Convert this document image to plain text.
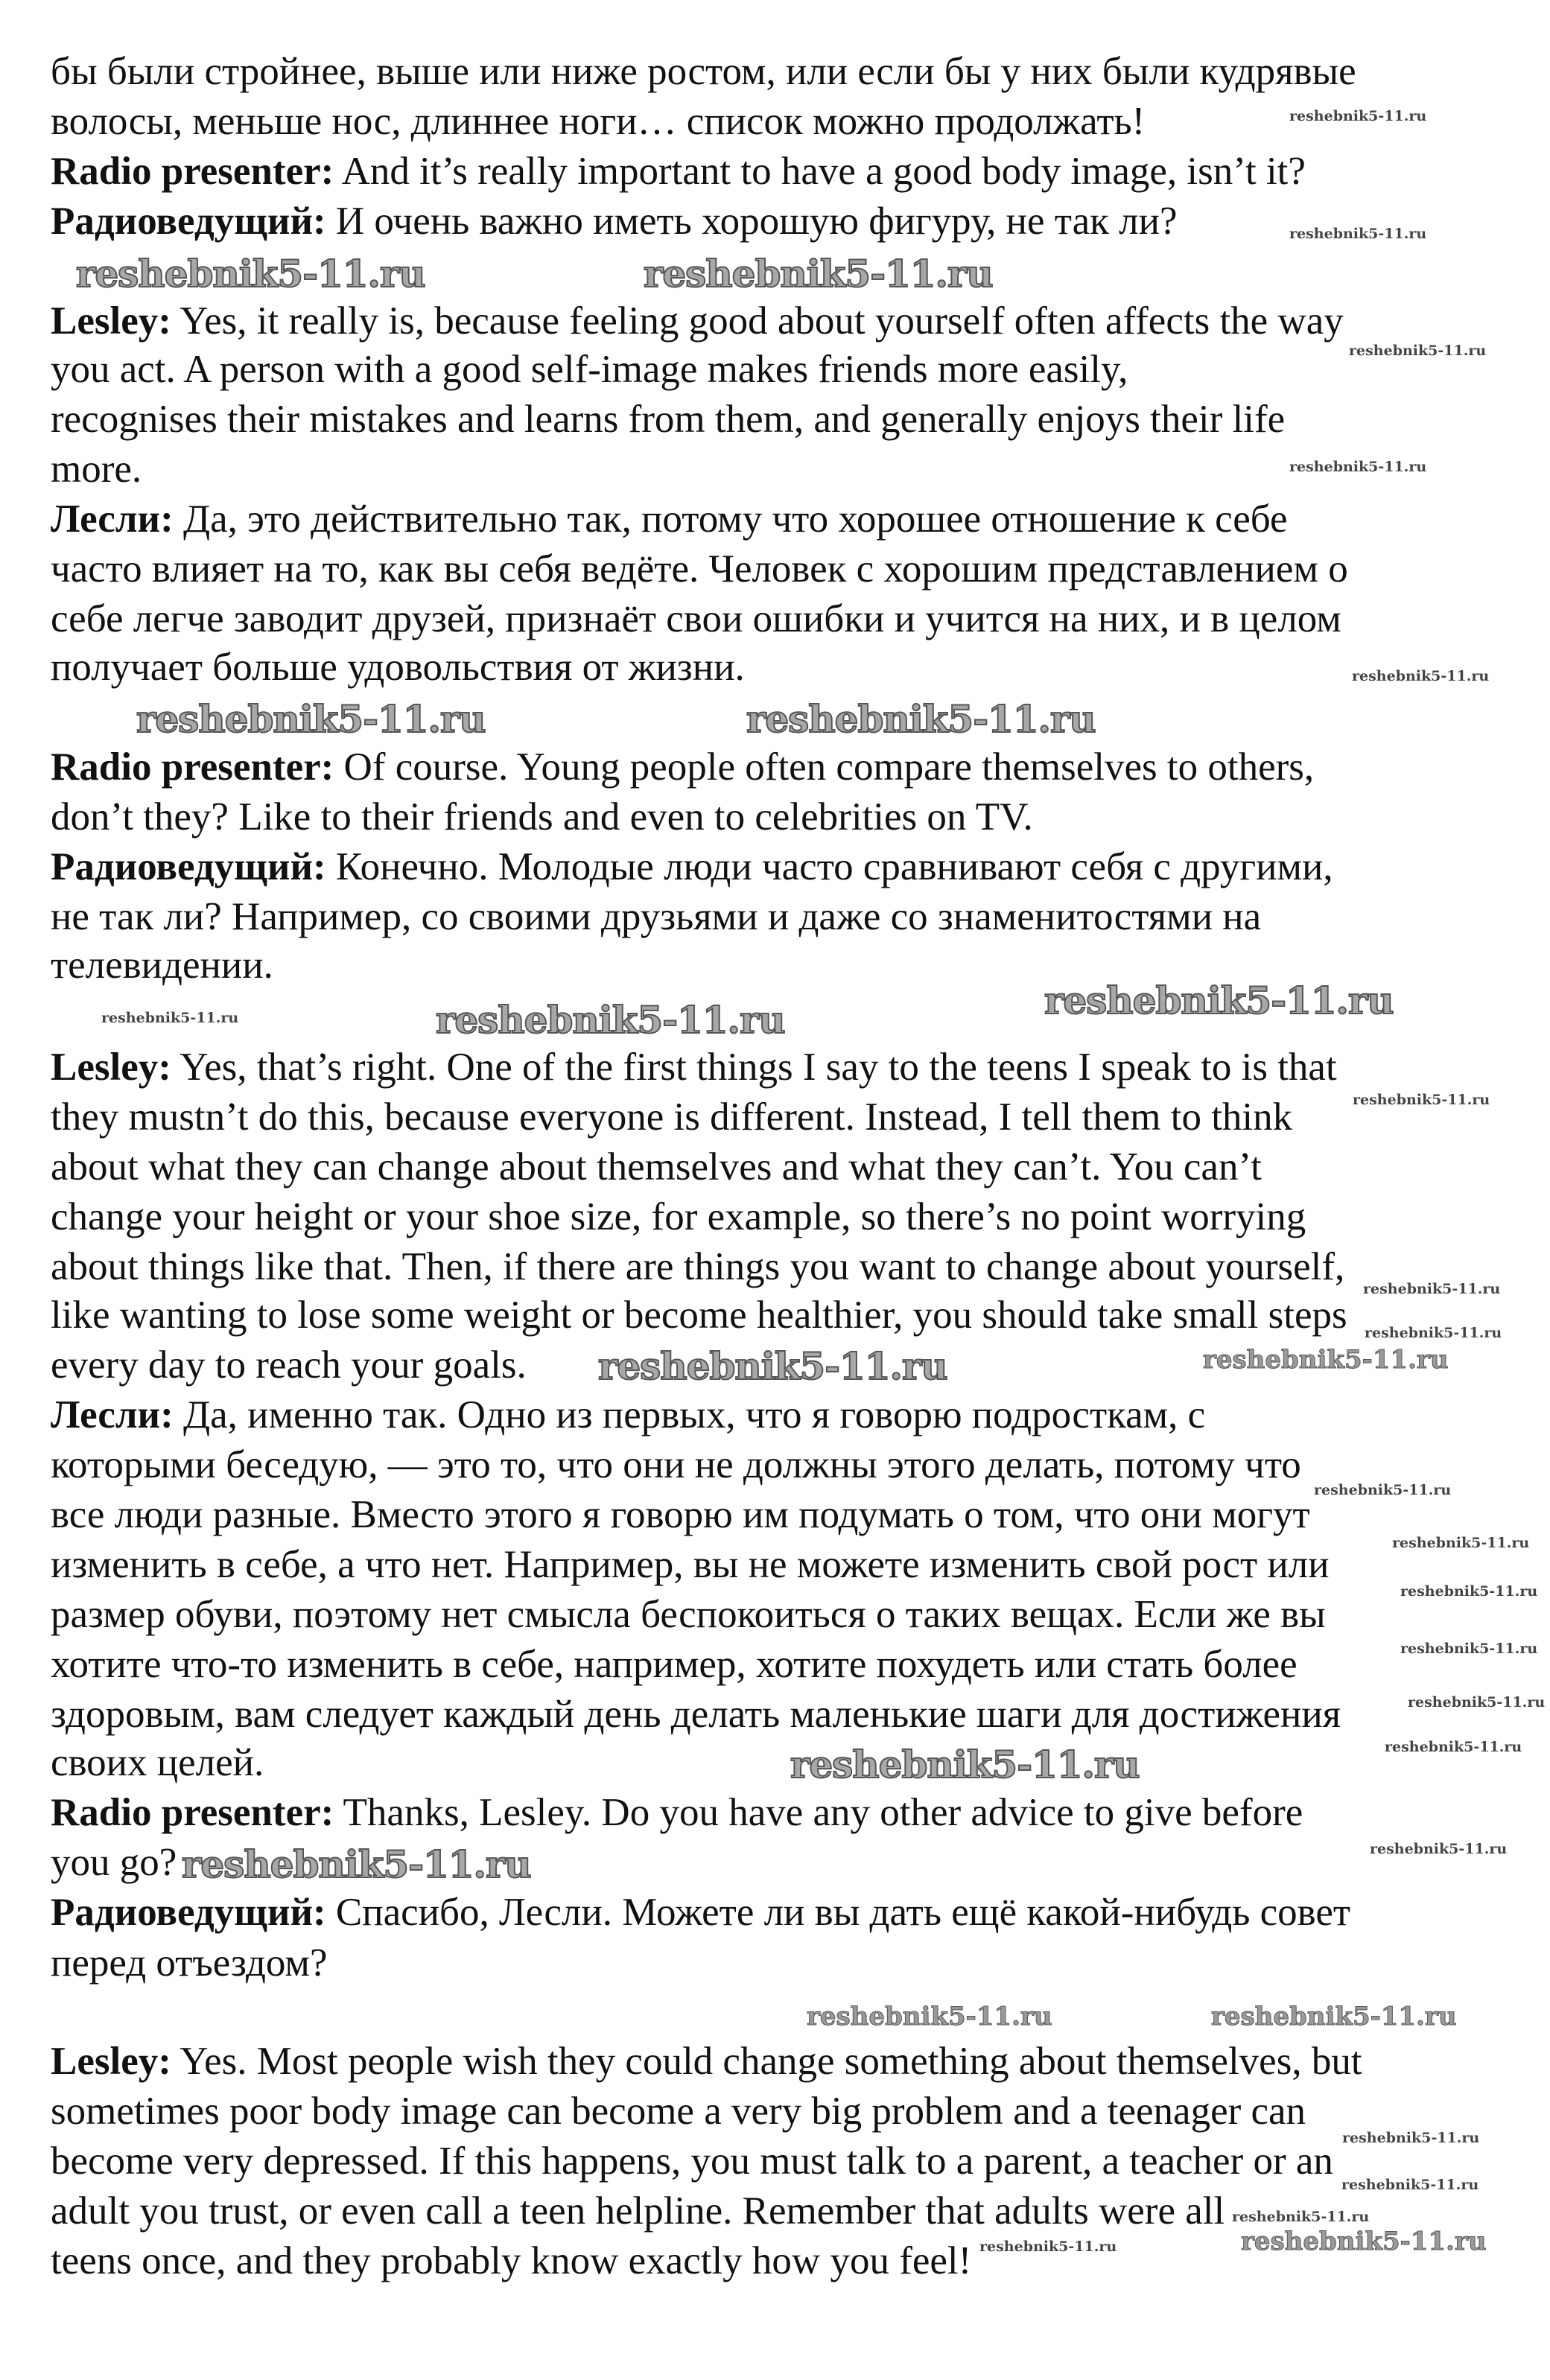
бы были стройнее, выше или ниже ростом, или если бы у них были кудрявые
волосы, меньше нос, длиннее ноги… список можно продолжать!
Radio presenter: And it’s really important to have a good body image, isn’t it?
Радиоведущий: И очень важно иметь хорошую фигуру, не так ли?
Lesley: Yes, it really is, because feeling good about yourself often affects the way
you act. A person with a good self-image makes friends more easily,
recognises their mistakes and learns from them, and generally enjoys their life
more.
Лесли: Да, это действительно так, потому что хорошее отношение к себе
часто влияет на то, как вы себя ведёте. Человек с хорошим представлением о
себе легче заводит друзей, признаёт свои ошибки и учится на них, и в целом
получает больше удовольствия от жизни.
Radio presenter: Of course. Young people often compare themselves to others,
don’t they? Like to their friends and even to celebrities on TV.
Радиоведущий: Конечно. Молодые люди часто сравнивают себя с другими,
не так ли? Например, со своими друзьями и даже со знаменитостями на
телевидении.
Lesley: Yes, that’s right. One of the first things I say to the teens I speak to is that
they mustn’t do this, because everyone is different. Instead, I tell them to think
about what they can change about themselves and what they can’t. You can’t
change your height or your shoe size, for example, so there’s no point worrying
about things like that. Then, if there are things you want to change about yourself,
like wanting to lose some weight or become healthier, you should take small steps
every day to reach your goals.
Лесли: Да, именно так. Одно из первых, что я говорю подросткам, с
которыми беседую, — это то, что они не должны этого делать, потому что
все люди разные. Вместо этого я говорю им подумать о том, что они могут
изменить в себе, а что нет. Например, вы не можете изменить свой рост или
размер обуви, поэтому нет смысла беспокоиться о таких вещах. Если же вы
хотите что-то изменить в себе, например, хотите похудеть или стать более
здоровым, вам следует каждый день делать маленькие шаги для достижения
своих целей.
Radio presenter: Thanks, Lesley. Do you have any other advice to give before
you go?
Радиоведущий: Спасибо, Лесли. Можете ли вы дать ещё какой-нибудь совет
перед отъездом?
Lesley: Yes. Most people wish they could change something about themselves, but
sometimes poor body image can become a very big problem and a teenager can
become very depressed. If this happens, you must talk to a parent, a teacher or an
adult you trust, or even call a teen helpline. Remember that adults were all
teens once, and they probably know exactly how you feel!
reshebnik5-11.ru	reshebnik5-11.ru
reshebnik5-11.ru	reshebnik5-11.ru
reshebnik5-11.ru	reshebnik5-11.ru
reshebnik5-11.ru
reshebnik5-11.ru
reshebnik5-11.ru
reshebnik5-11.ru
reshebnik5-11.ru	reshebnik5-11.ru
reshebnik5-11.ru
reshebnik5-11.ru
reshebnik5-11.ru
reshebnik5-11.ru
reshebnik5-11.ru
reshebnik5-11.ru
reshebnik5-11.ru
reshebnik5-11.ru
reshebnik5-11.ru
reshebnik5-11.ru
reshebnik5-11.ru
reshebnik5-11.ru
reshebnik5-11.ru
reshebnik5-11.ru
reshebnik5-11.ru
reshebnik5-11.ru
reshebnik5-11.ru
reshebnik5-11.ru
reshebnik5-11.ru
reshebnik5-11.ru
reshebnik5-11.ru
